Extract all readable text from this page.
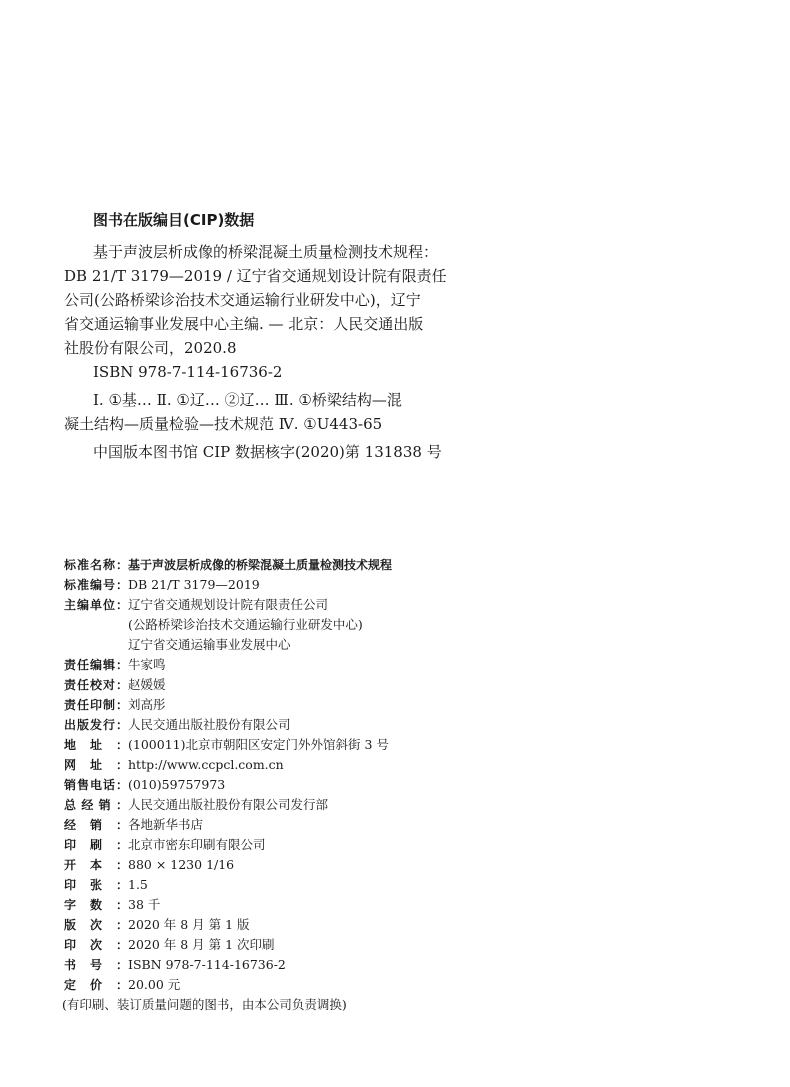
图书在版编目(CIP)数据
基于声波层析成像的桥梁混凝土质量检测技术规程：
DB 21/T 3179—2019 / 辽宁省交通规划设计院有限责任
公司(公路桥梁诊治技术交通运输行业研发中心)，辽宁
省交通运输事业发展中心主编. — 北京：人民交通出版
社股份有限公司，2020.8
ISBN 978-7-114-16736-2
Ⅰ. ①基… Ⅱ. ①辽… ②辽… Ⅲ. ①桥梁结构—混
凝土结构—质量检验—技术规范 Ⅳ. ①U443-65
中国版本图书馆 CIP 数据核字(2020)第 131838 号
标准名称： 基于声波层析成像的桥梁混凝土质量检测技术规程
标准编号： DB 21/T 3179—2019
主编单位： 辽宁省交通规划设计院有限责任公司
(公路桥梁诊治技术交通运输行业研发中心)
辽宁省交通运输事业发展中心
责任编辑： 牛家鸣
责任校对： 赵媛媛
责任印制： 刘高彤
出版发行： 人民交通出版社股份有限公司
地址： (100011)北京市朝阳区安定门外外馆斜街 3 号
网址： http://www.ccpcl.com.cn
销售电话： (010)59757973
总经销： 人民交通出版社股份有限公司发行部
经销： 各地新华书店
印刷： 北京市密东印刷有限公司
开本： 880 × 1230 1/16
印张： 1.5
字数： 38 千
版次： 2020 年 8 月 第 1 版
印次： 2020 年 8 月 第 1 次印刷
书号： ISBN 978-7-114-16736-2
定价： 20.00 元
(有印刷、装订质量问题的图书，由本公司负责调换)
